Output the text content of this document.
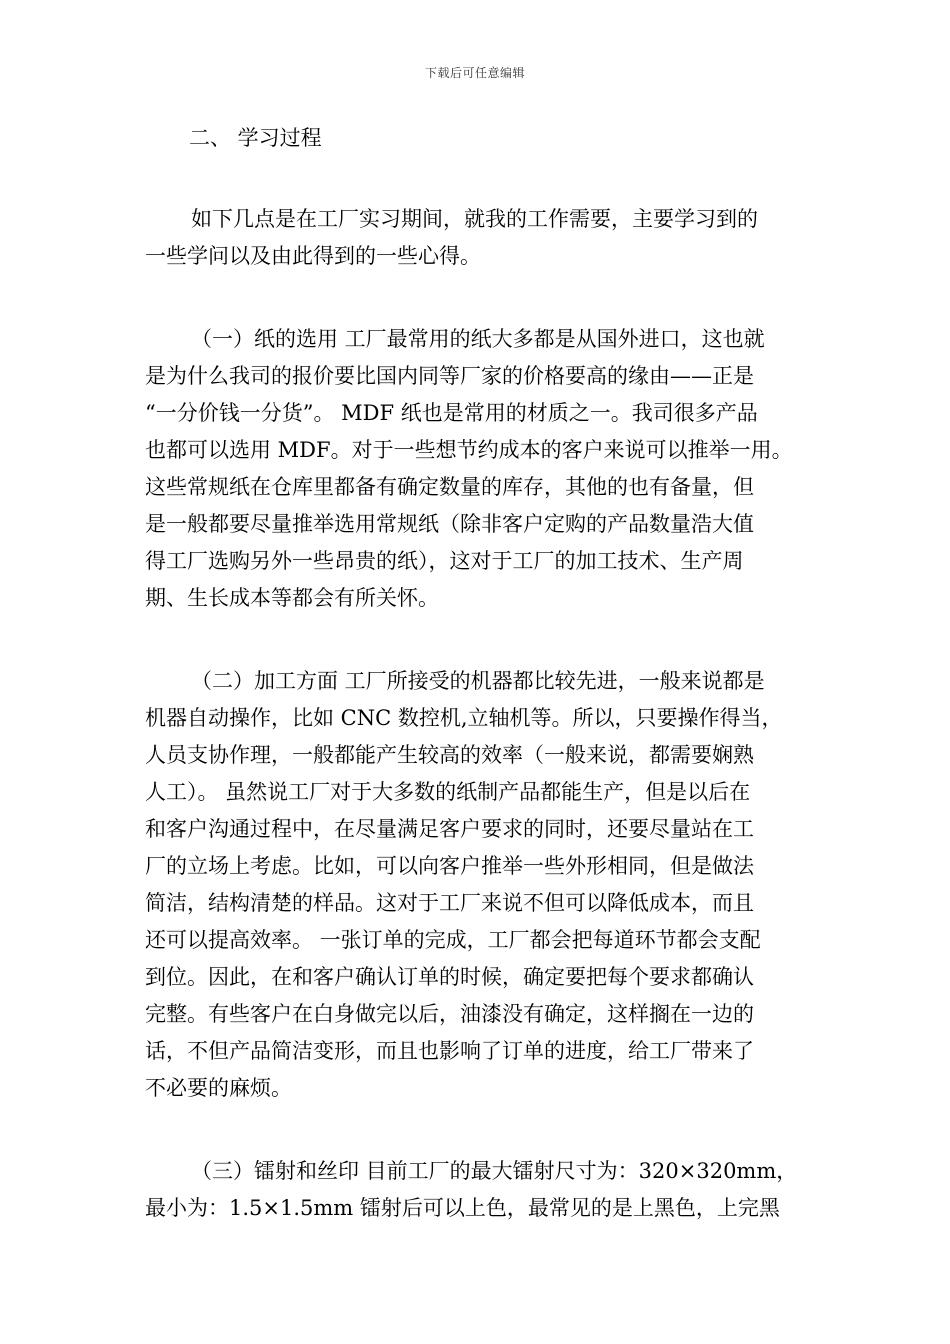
下载后可任意编辑
二、 学习过程
如下几点是在工厂实习期间，就我的工作需要，主要学习到的
一些学问以及由此得到的一些心得。
（一）纸的选用 工厂最常用的纸大多都是从国外进口，这也就
是为什么我司的报价要比国内同等厂家的价格要高的缘由——正是
“一分价钱一分货”。 MDF 纸也是常用的材质之一。我司很多产品
也都可以选用 MDF。对于一些想节约成本的客户来说可以推举一用。
这些常规纸在仓库里都备有确定数量的库存，其他的也有备量，但
是一般都要尽量推举选用常规纸（除非客户定购的产品数量浩大值
得工厂选购另外一些昂贵的纸），这对于工厂的加工技术、生产周
期、生长成本等都会有所关怀。
（二）加工方面 工厂所接受的机器都比较先进，一般来说都是
机器自动操作，比如 CNC 数控机,立轴机等。所以，只要操作得当，
人员支协作理，一般都能产生较高的效率（一般来说，都需要娴熟
人工）。 虽然说工厂对于大多数的纸制产品都能生产，但是以后在
和客户沟通过程中，在尽量满足客户要求的同时，还要尽量站在工
厂的立场上考虑。比如，可以向客户推举一些外形相同，但是做法
简洁，结构清楚的样品。这对于工厂来说不但可以降低成本，而且
还可以提高效率。 一张订单的完成，工厂都会把每道环节都会支配
到位。因此，在和客户确认订单的时候，确定要把每个要求都确认
完整。有些客户在白身做完以后，油漆没有确定，这样搁在一边的
话，不但产品简洁变形，而且也影响了订单的进度，给工厂带来了
不必要的麻烦。
（三）镭射和丝印 目前工厂的最大镭射尺寸为：320×320mm，
最小为：1.5×1.5mm 镭射后可以上色，最常见的是上黑色，上完黑
